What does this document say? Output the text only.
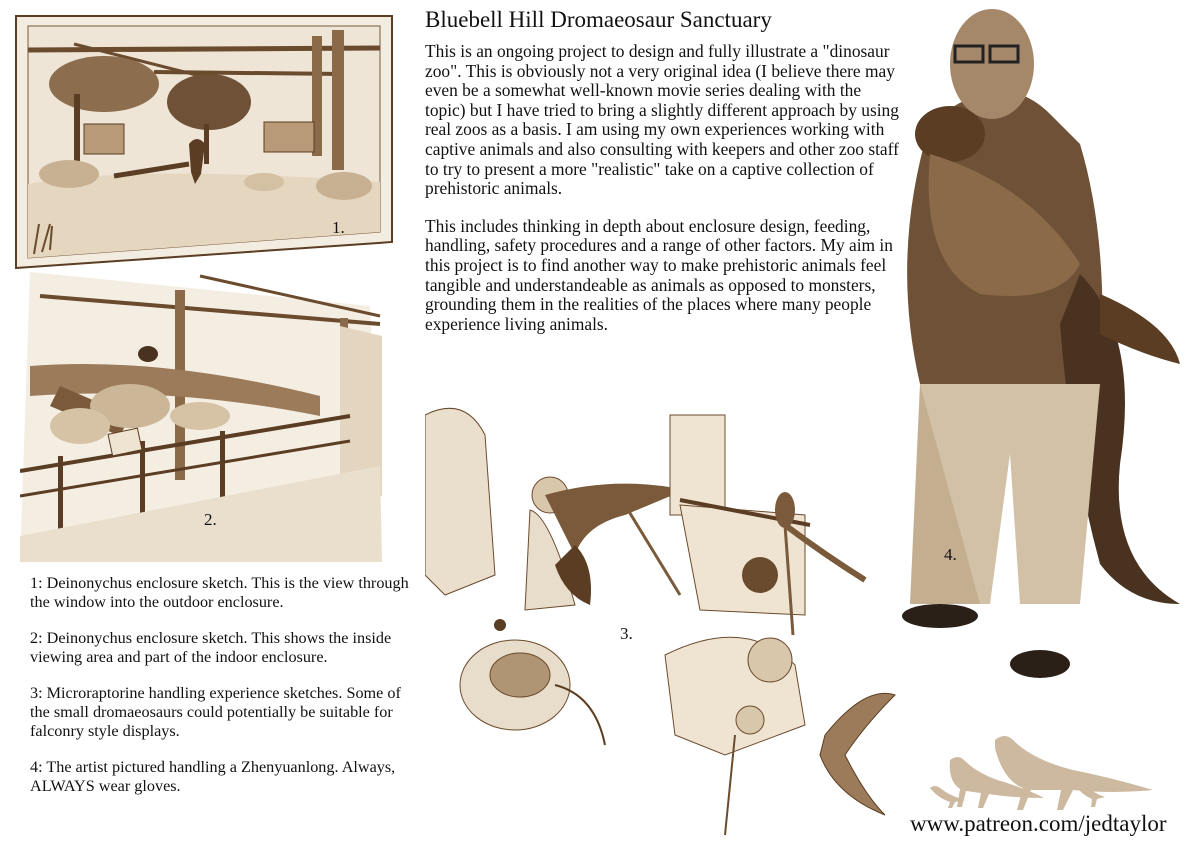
Bluebell Hill Dromaeosaur Sanctuary

This is an ongoing project to design and fully illustrate a "dinosaur zoo". This is obviously not a very original idea (I believe there may even be a somewhat well-known movie series dealing with the topic) but I have tried to bring a slightly different approach by using real zoos as a basis. I am using my own experiences working with captive animals and also consulting with keepers and other zoo staff to try to present a more "realistic" take on a captive collection of prehistoric animals.

This includes thinking in depth about enclosure design, feeding, handling, safety procedures and a range of other factors. My aim in this project is to find another way to make prehistoric animals feel tangible and understandeable as animals as opposed to monsters, grounding them in the realities of the places where many people experience living animals.

1.
2.

1: Deinonychus enclosure sketch. This is the view through the window into the outdoor enclosure.

2: Deinonychus enclosure sketch. This shows the inside viewing area and part of the indoor enclosure.

3: Microraptorine handling experience sketches. Some of the small dromaeosaurs could potentially be suitable for falconry style displays.

4: The artist pictured handling a Zhenyuanlong. Always, ALWAYS wear gloves.

3.
4.
www.patreon.com/jedtaylor
